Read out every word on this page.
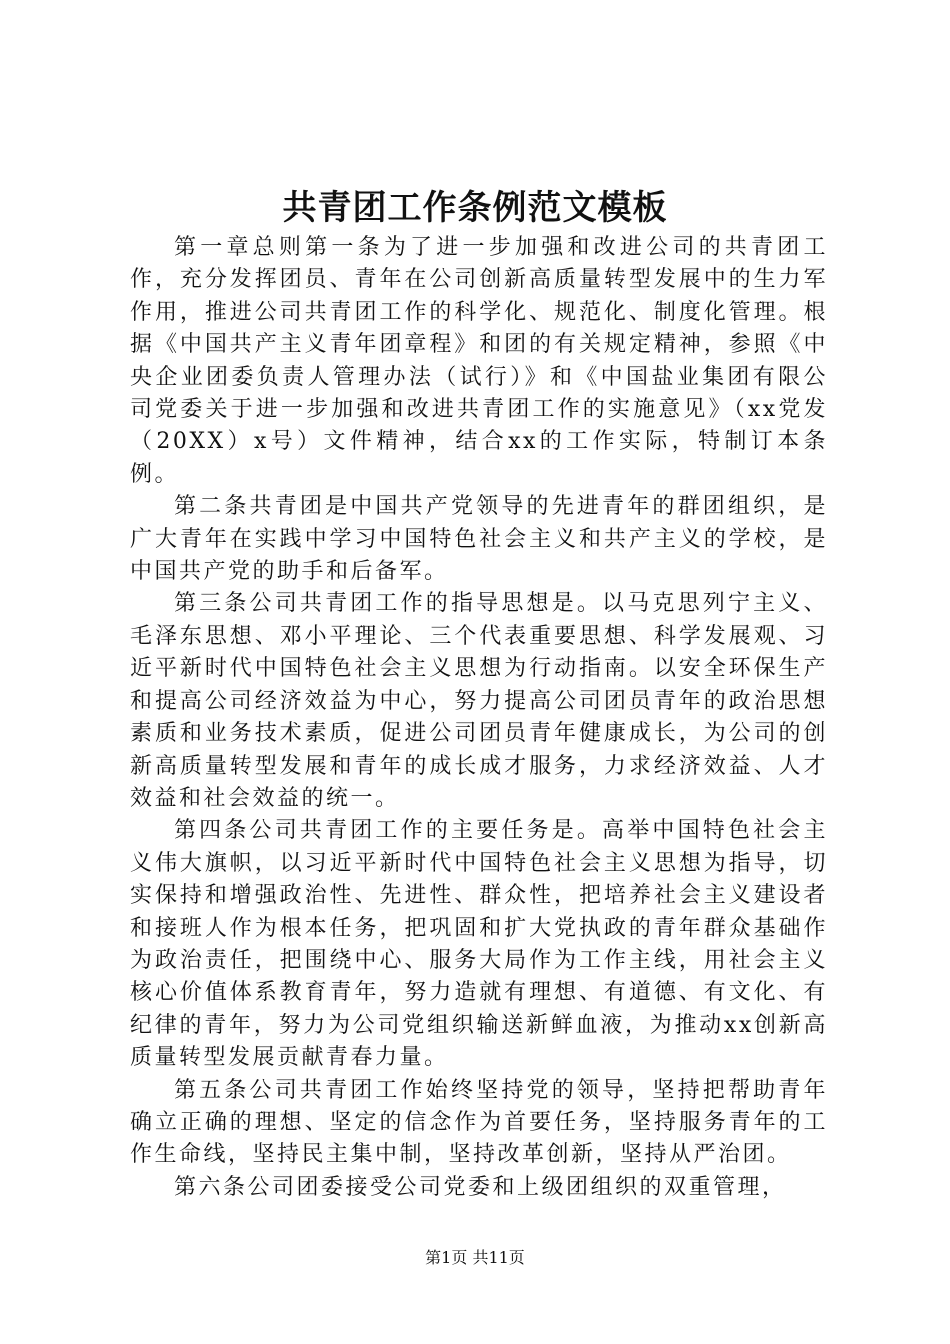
共青团工作条例范文模板

第一章总则第一条为了进一步加强和改进公司的共青团工作，充分发挥团员、青年在公司创新高质量转型发展中的生力军作用，推进公司共青团工作的科学化、规范化、制度化管理。根据《中国共产主义青年团章程》和团的有关规定精神，参照《中央企业团委负责人管理办法（试行）》和《中国盐业集团有限公司党委关于进一步加强和改进共青团工作的实施意见》（xx党发（20XX）x号）文件精神，结合xx的工作实际，特制订本条例。

第二条共青团是中国共产党领导的先进青年的群团组织，是广大青年在实践中学习中国特色社会主义和共产主义的学校，是中国共产党的助手和后备军。

第三条公司共青团工作的指导思想是。以马克思列宁主义、毛泽东思想、邓小平理论、三个代表重要思想、科学发展观、习近平新时代中国特色社会主义思想为行动指南。以安全环保生产和提高公司经济效益为中心，努力提高公司团员青年的政治思想素质和业务技术素质，促进公司团员青年健康成长，为公司的创新高质量转型发展和青年的成长成才服务，力求经济效益、人才效益和社会效益的统一。

第四条公司共青团工作的主要任务是。高举中国特色社会主义伟大旗帜，以习近平新时代中国特色社会主义思想为指导，切实保持和增强政治性、先进性、群众性，把培养社会主义建设者和接班人作为根本任务，把巩固和扩大党执政的青年群众基础作为政治责任，把围绕中心、服务大局作为工作主线，用社会主义核心价值体系教育青年，努力造就有理想、有道德、有文化、有纪律的青年，努力为公司党组织输送新鲜血液，为推动xx创新高质量转型发展贡献青春力量。

第五条公司共青团工作始终坚持党的领导，坚持把帮助青年确立正确的理想、坚定的信念作为首要任务，坚持服务青年的工作生命线，坚持民主集中制，坚持改革创新，坚持从严治团。

第六条公司团委接受公司党委和上级团组织的双重管理，

第1页 共11页
